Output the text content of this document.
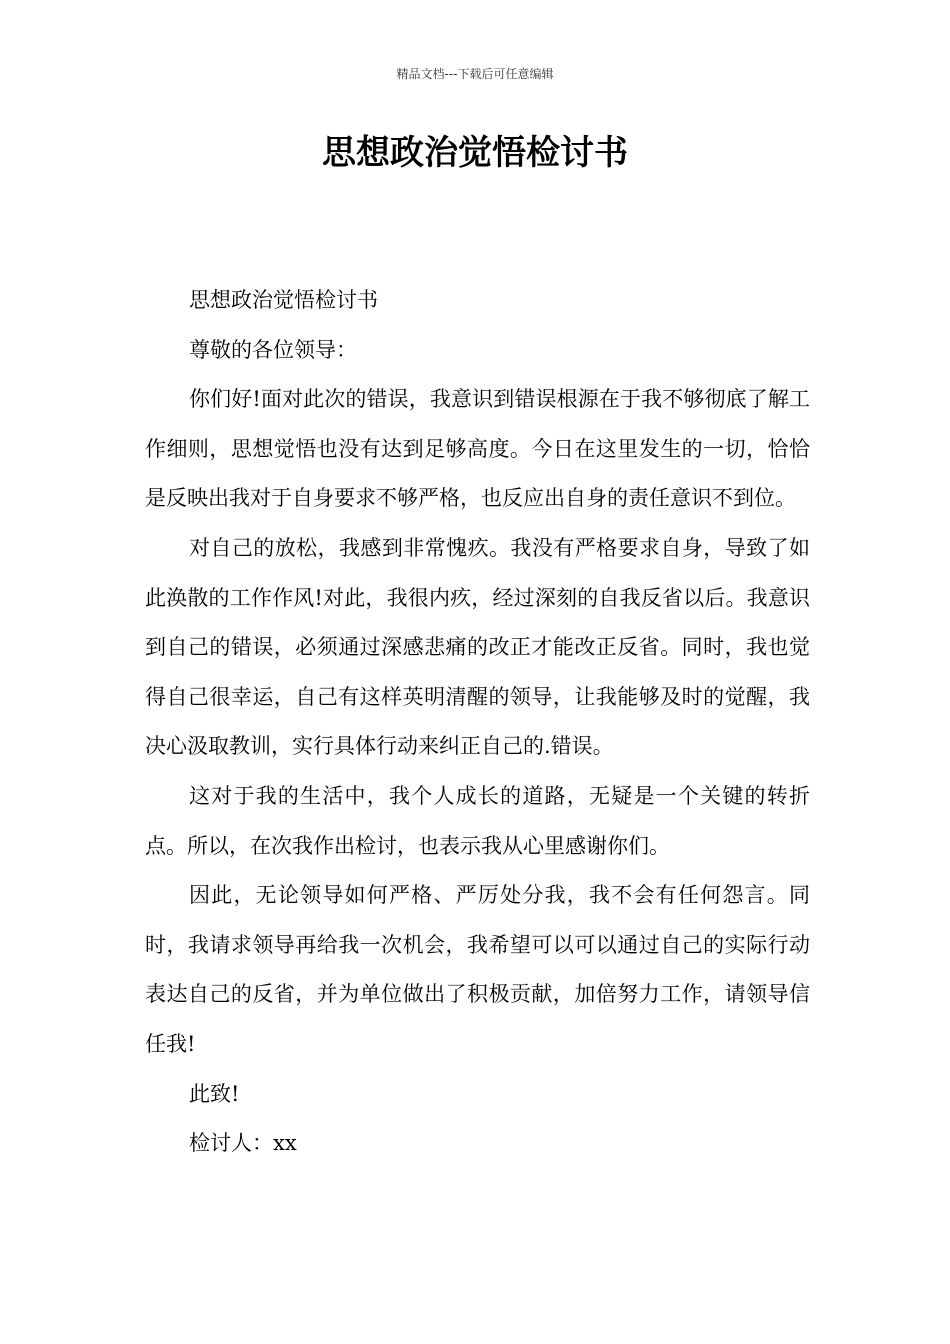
精品文档---下载后可任意编辑
思想政治觉悟检讨书

思想政治觉悟检讨书

尊敬的各位领导：

你们好!面对此次的错误，我意识到错误根源在于我不够彻底了解工作细则，思想觉悟也没有达到足够高度。今日在这里发生的一切，恰恰是反映出我对于自身要求不够严格，也反应出自身的责任意识不到位。

对自己的放松，我感到非常愧疚。我没有严格要求自身，导致了如此涣散的工作作风!对此，我很内疚，经过深刻的自我反省以后。我意识到自己的错误，必须通过深感悲痛的改正才能改正反省。同时，我也觉得自己很幸运，自己有这样英明清醒的领导，让我能够及时的觉醒，我决心汲取教训，实行具体行动来纠正自己的.错误。

这对于我的生活中，我个人成长的道路，无疑是一个关键的转折点。所以，在次我作出检讨，也表示我从心里感谢你们。

因此，无论领导如何严格、严厉处分我，我不会有任何怨言。同时，我请求领导再给我一次机会，我希望可以可以通过自己的实际行动表达自己的反省，并为单位做出了积极贡献，加倍努力工作，请领导信任我!

此致!

检讨人：xx
